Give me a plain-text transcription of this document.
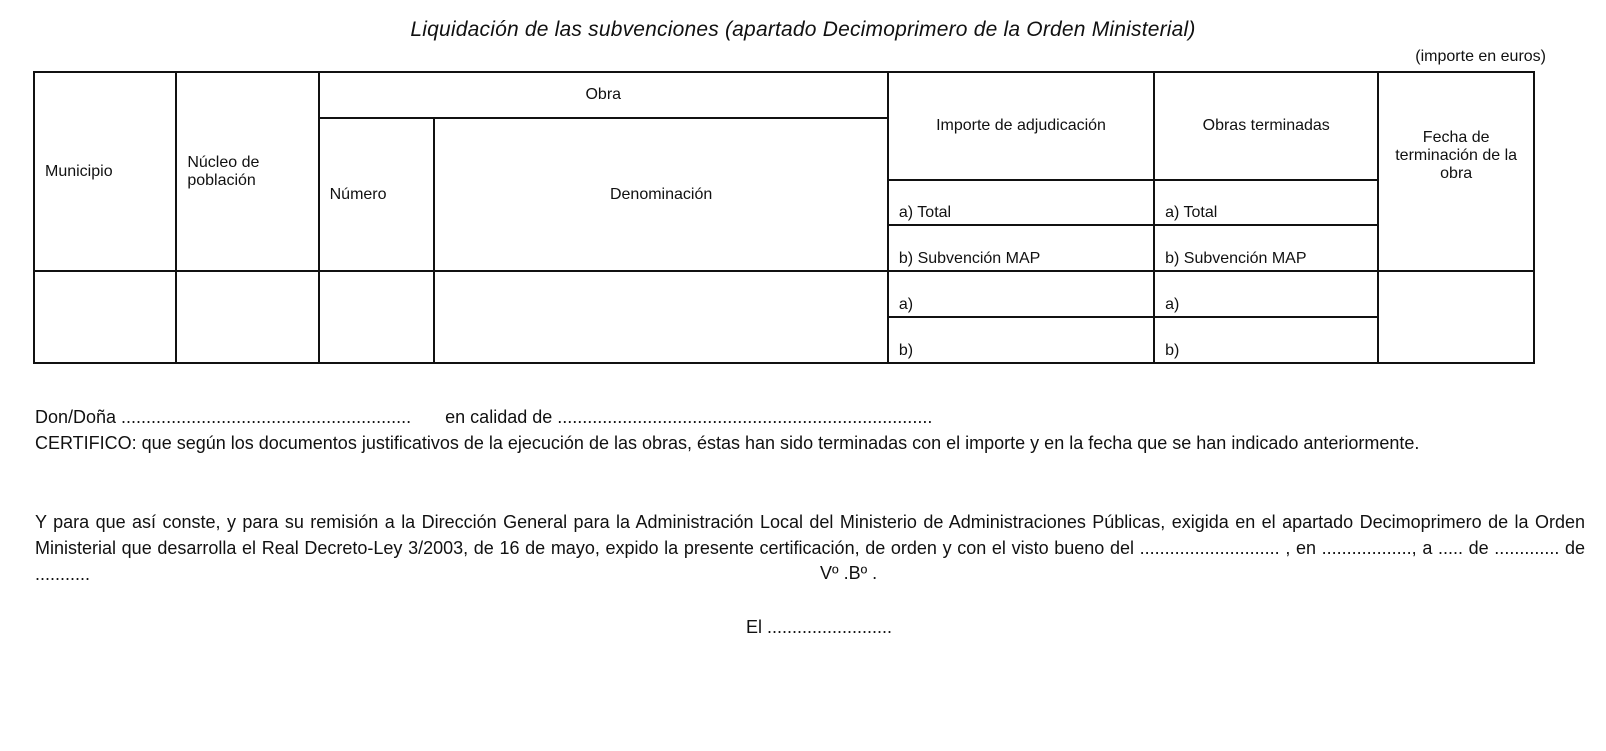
Liquidación de las subvenciones (apartado Decimoprimero de la Orden Ministerial)
(importe en euros)
Municipio	Núcleo de población	Obra		Importe de adjudicación	Obras terminadas	Fecha de terminación de la obra
		Número	Denominación			

				a) Total	a) Total	
				b) Subvención MAP	b) Subvención MAP	
				a)	a)	
				b)	b)	
Don/Doña .......................................................... en calidad de ...........................................................................
CERTIFICO: que según los documentos justificativos de la ejecución de las obras, éstas han sido terminadas con el importe y en la fecha que se han indicado anteriormente.
Y para que así conste, y para su remisión a la Dirección General para la Administración Local del Ministerio de Administraciones Públicas, exigida en el apartado Decimoprimero de la Orden Ministerial que desarrolla el Real Decreto-Ley 3/2003, de 16 de mayo, expido la presente certificación, de orden y con el visto bueno del ............................ , en .................., a ..... de ............. de ...........	Vº .Bº .
El .........................
